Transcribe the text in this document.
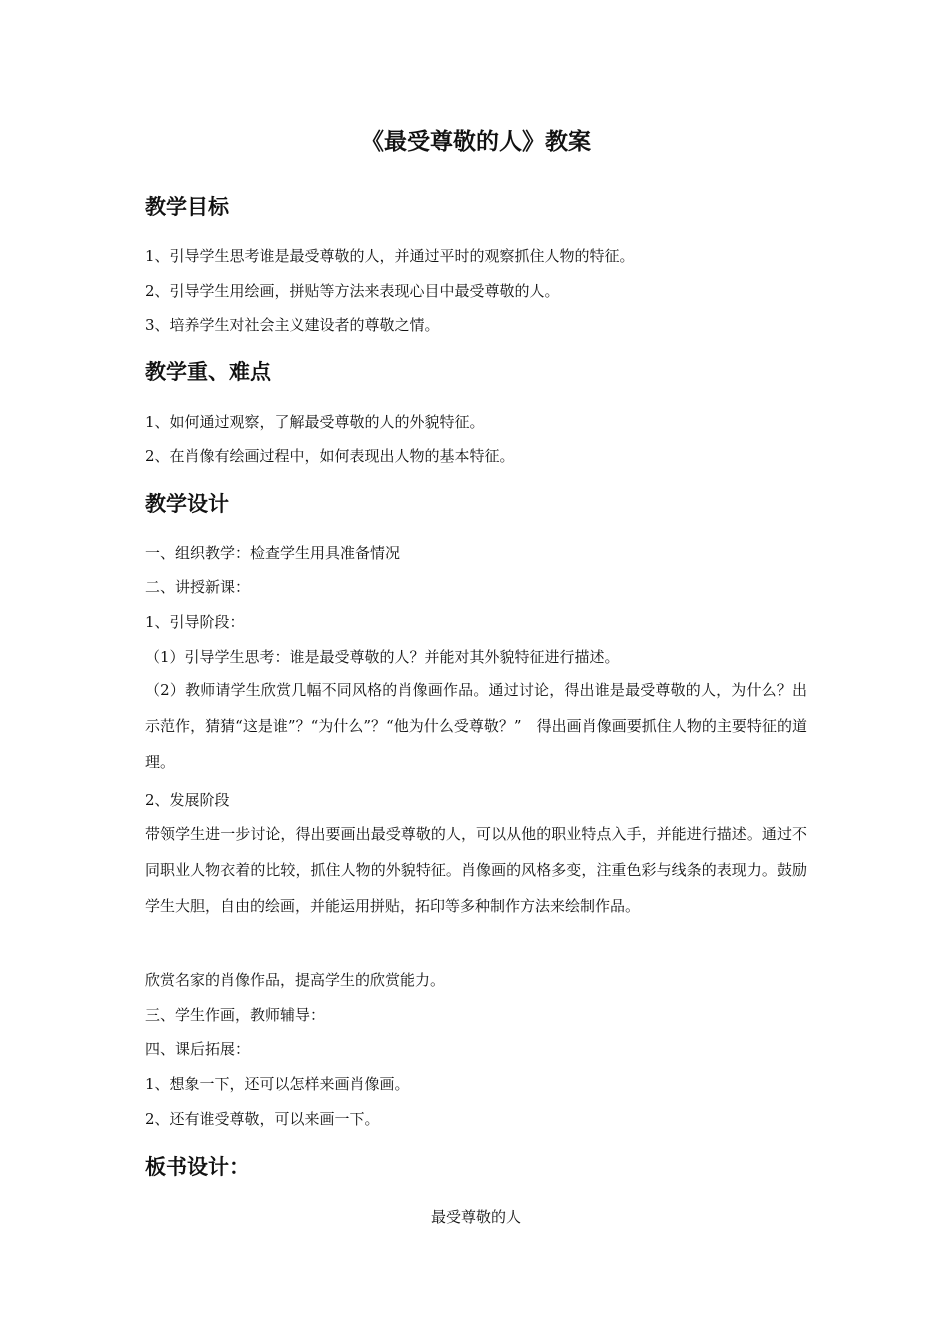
《最受尊敬的人》教案
教学目标

1、引导学生思考谁是最受尊敬的人，并通过平时的观察抓住人物的特征。

2、引导学生用绘画，拼贴等方法来表现心目中最受尊敬的人。

3、培养学生对社会主义建设者的尊敬之情。

教学重、难点

1、如何通过观察，了解最受尊敬的人的外貌特征。

2、在肖像有绘画过程中，如何表现出人物的基本特征。

教学设计

一、组织教学：检查学生用具准备情况

二、讲授新课：

1、引导阶段：

（1）引导学生思考：谁是最受尊敬的人？并能对其外貌特征进行描述。

（2）教师请学生欣赏几幅不同风格的肖像画作品。通过讨论，得出谁是最受尊敬的人，为什么？出示范作，猜猜“这是谁”？“为什么”？“他为什么受尊敬？”　得出画肖像画要抓住人物的主要特征的道理。

2、发展阶段

带领学生进一步讨论，得出要画出最受尊敬的人，可以从他的职业特点入手，并能进行描述。通过不同职业人物衣着的比较，抓住人物的外貌特征。肖像画的风格多变，注重色彩与线条的表现力。鼓励学生大胆，自由的绘画，并能运用拼贴，拓印等多种制作方法来绘制作品。

欣赏名家的肖像作品，提高学生的欣赏能力。

三、学生作画，教师辅导：

四、课后拓展：

1、想象一下，还可以怎样来画肖像画。

2、还有谁受尊敬，可以来画一下。

板书设计：

最受尊敬的人
